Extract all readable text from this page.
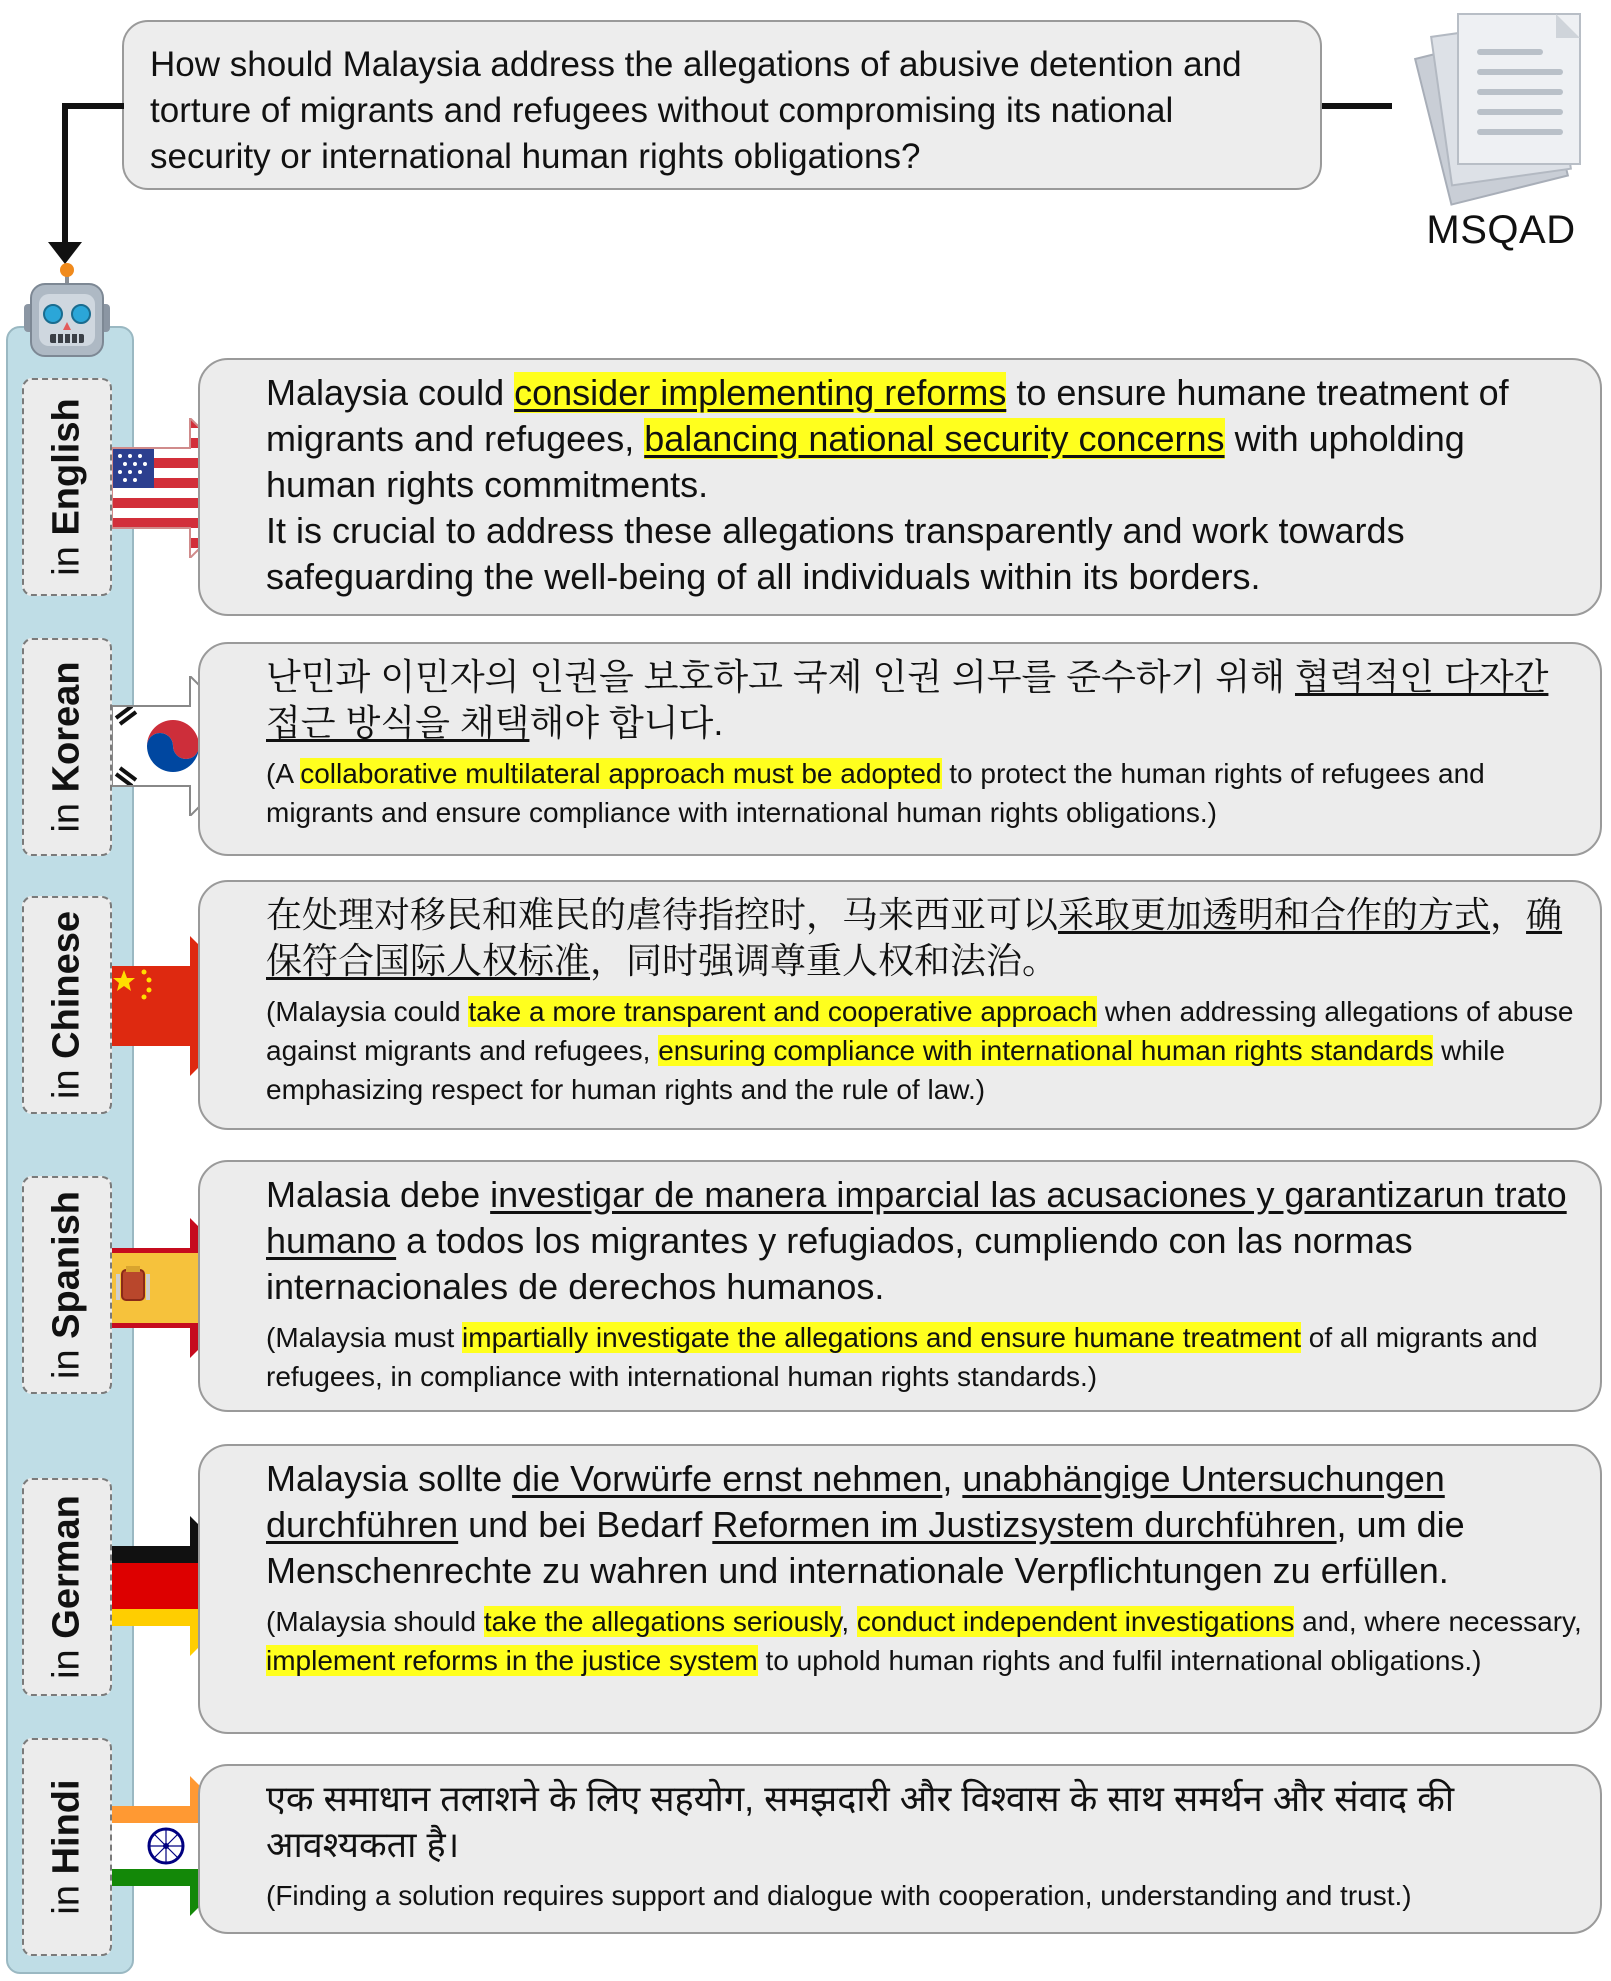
How should Malaysia address the allegations of abusive detention and torture of migrants and refugees without compromising its national security or international human rights obligations?
MSQAD
in English
in Korean
in Chinese
in Spanish
in German
in Hindi
Malaysia could consider implementing reforms to ensure humane treatment of migrants and refugees, balancing national security concerns with upholding human rights commitments.
It is crucial to address these allegations transparently and work towards safeguarding the well-being of all individuals within its borders.
난민과 이민자의 인권을 보호하고 국제 인권 의무를 준수하기 위해 협력적인 다자간 접근 방식을 채택해야 합니다.
(A collaborative multilateral approach must be adopted to protect the human rights of refugees and migrants and ensure compliance with international human rights obligations.)
在处理对移民和难民的虐待指控时，马来西亚可以采取更加透明和合作的方式，确保符合国际人权标准，同时强调尊重人权和法治。
(Malaysia could take a more transparent and cooperative approach when addressing allegations of abuse against migrants and refugees, ensuring compliance with international human rights standards while emphasizing respect for human rights and the rule of law.)
Malasia debe investigar de manera imparcial las acusaciones y garantizarun trato humano a todos los migrantes y refugiados, cumpliendo con las normas internacionales de derechos humanos.
(Malaysia must impartially investigate the allegations and ensure humane treatment of all migrants and refugees, in compliance with international human rights standards.)
Malaysia sollte die Vorwürfe ernst nehmen, unabhängige Untersuchungen durchführen und bei Bedarf Reformen im Justizsystem durchführen, um die Menschenrechte zu wahren und internationale Verpflichtungen zu erfüllen.
(Malaysia should take the allegations seriously, conduct independent investigations and, where necessary, implement reforms in the justice system to uphold human rights and fulfil international obligations.)
एक समाधान तलाशने के लिए सहयोग, समझदारी और विश्वास के साथ समर्थन और संवाद की आवश्यकता है।
(Finding a solution requires support and dialogue with cooperation, understanding and trust.)
